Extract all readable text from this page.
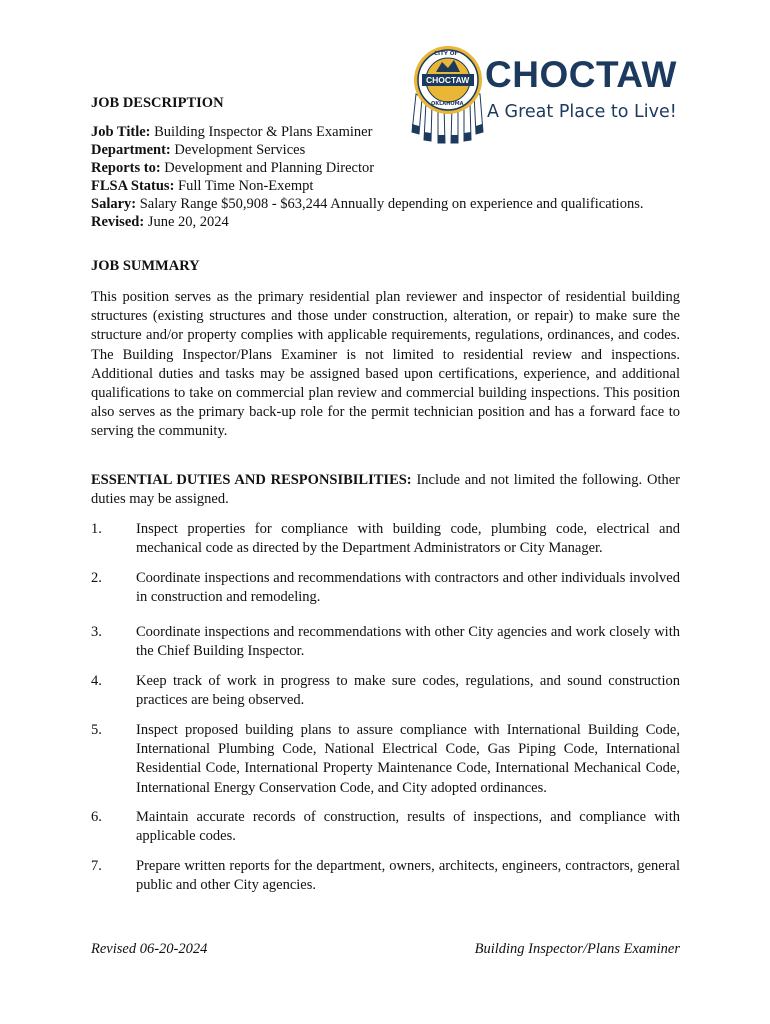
CITY OF
CHOCTAW
OKLAHOMA
CHOCTAW
A Great Place to Live!
JOB DESCRIPTION
Job Title: Building Inspector & Plans Examiner
Department: Development Services
Reports to: Development and Planning Director
FLSA Status: Full Time Non-Exempt
Salary: Salary Range $50,908 - $63,244 Annually depending on experience and qualifications.
Revised: June 20, 2024
JOB SUMMARY

This position serves as the primary residential plan reviewer and inspector of residential building structures (existing structures and those under construction, alteration, or repair) to make sure the structure and/or property complies with applicable requirements, regulations, ordinances, and codes. The Building Inspector/Plans Examiner is not limited to residential review and inspections. Additional duties and tasks may be assigned based upon certifications, experience, and additional qualifications to take on commercial plan review and commercial building inspections. This position also serves as the primary back-up role for the permit technician position and has a forward face to serving the community.

ESSENTIAL DUTIES AND RESPONSIBILITIES: Include and not limited the following. Other duties may be assigned.

1. Inspect properties for compliance with building code, plumbing code, electrical and mechanical code as directed by the Department Administrators or City Manager.

2. Coordinate inspections and recommendations with contractors and other individuals involved in construction and remodeling.

3. Coordinate inspections and recommendations with other City agencies and work closely with the Chief Building Inspector.

4. Keep track of work in progress to make sure codes, regulations, and sound construction practices are being observed.

5. Inspect proposed building plans to assure compliance with International Building Code, International Plumbing Code, National Electrical Code, Gas Piping Code, International Residential Code, International Property Maintenance Code, International Mechanical Code, International Energy Conservation Code, and City adopted ordinances.

6. Maintain accurate records of construction, results of inspections, and compliance with applicable codes.

7. Prepare written reports for the department, owners, architects, engineers, contractors, general public and other City agencies.

Revised 06-20-2024	Building Inspector/Plans Examiner
